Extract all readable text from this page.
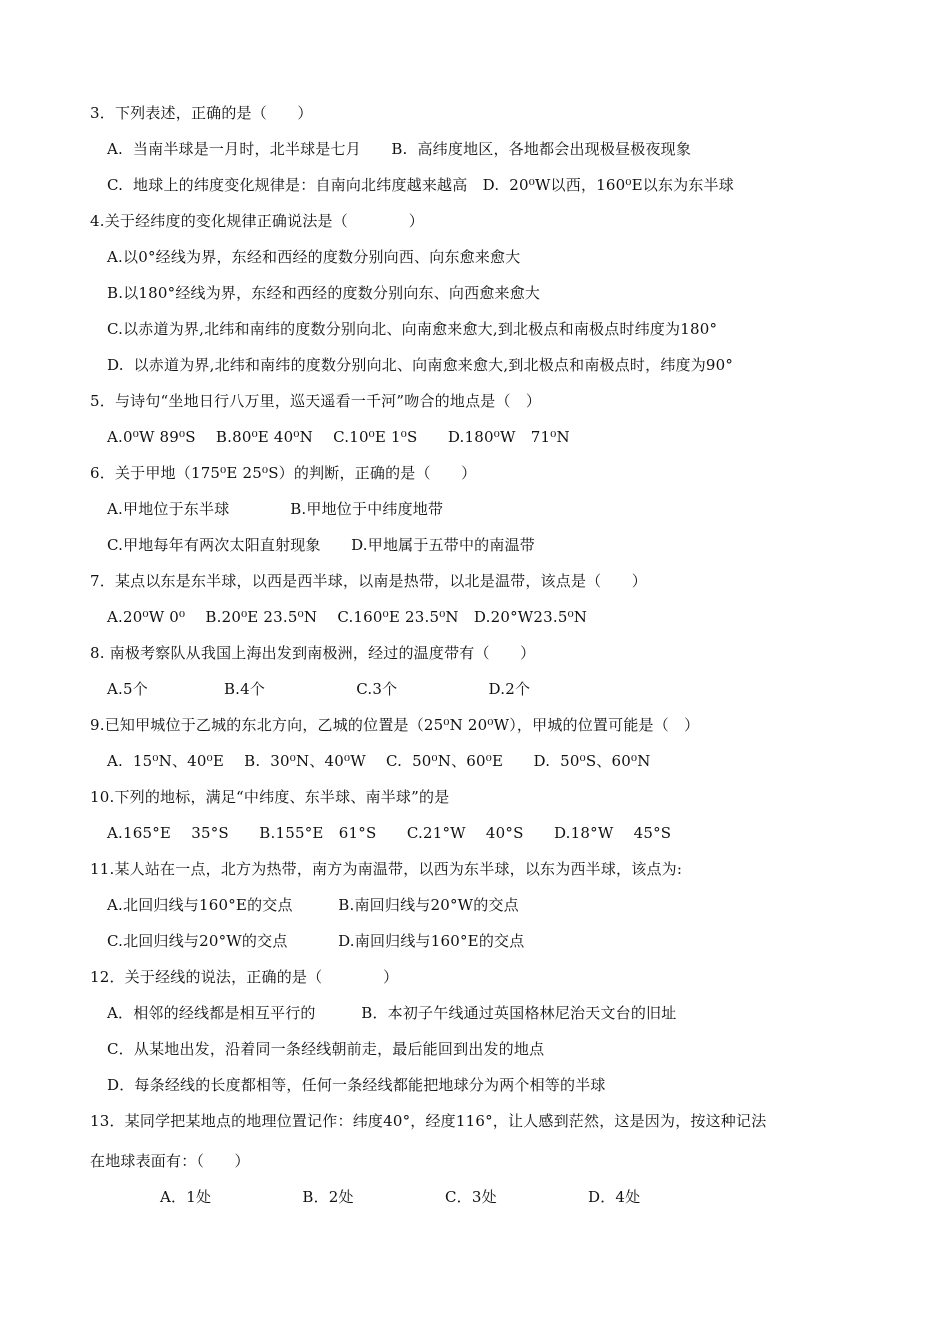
3．下列表述，正确的是（　　）
A.  当南半球是一月时，北半球是七月　　B.  高纬度地区，各地都会出现极昼极夜现象
C.  地球上的纬度变化规律是：自南向北纬度越来越高　D.  20⁰W以西，160⁰E以东为东半球
4.关于经纬度的变化规律正确说法是（　　　　）
A.以0°经线为界，东经和西经的度数分别向西、向东愈来愈大
B.以180°经线为界，东经和西经的度数分别向东、向西愈来愈大
C.以赤道为界,北纬和南纬的度数分别向北、向南愈来愈大,到北极点和南极点时纬度为180°
D.  以赤道为界,北纬和南纬的度数分别向北、向南愈来愈大,到北极点和南极点时，纬度为90°
5．与诗句“坐地日行八万里，巡天遥看一千河”吻合的地点是（　）
A.0⁰W 89⁰S　 B.80⁰E 40⁰N　 C.10⁰E 1⁰S　　D.180⁰W　71⁰N
6．关于甲地（175⁰E 25⁰S）的判断，正确的是（　　）
A.甲地位于东半球　　　　B.甲地位于中纬度地带
C.甲地每年有两次太阳直射现象　　D.甲地属于五带中的南温带
7．某点以东是东半球，以西是西半球，以南是热带，以北是温带，该点是（　　）
A.20⁰W 0⁰　 B.20⁰E 23.5⁰N　 C.160⁰E 23.5⁰N　D.20°W23.5⁰N
8. 南极考察队从我国上海出发到南极洲，经过的温度带有（　　）
A.5个　　　　　B.4个　　　　　　C.3个　　　　　　D.2个
9.已知甲城位于乙城的东北方向，乙城的位置是（25⁰N 20⁰W），甲城的位置可能是（　）
A.  15⁰N、40⁰E　 B.  30⁰N、40⁰W　 C.  50⁰N、60⁰E　　D.  50⁰S、60⁰N
10.下列的地标，满足“中纬度、东半球、南半球”的是
A.165°E　 35°S　　B.155°E　61°S　　C.21°W　 40°S　　D.18°W　 45°S
11.某人站在一点，北方为热带，南方为南温带，以西为东半球，以东为西半球，该点为:
A.北回归线与160°E的交点　　　B.南回归线与20°W的交点
C.北回归线与20°W的交点　　　 D.南回归线与160°E的交点
12．关于经线的说法，正确的是（　　　　）
A．相邻的经线都是相互平行的　　　B．本初子午线通过英国格林尼治天文台的旧址
C．从某地出发，沿着同一条经线朝前走，最后能回到出发的地点
D．每条经线的长度都相等，任何一条经线都能把地球分为两个相等的半球
13．某同学把某地点的地理位置记作：纬度40°，经度116°，让人感到茫然，这是因为，按这种记法
在地球表面有：（　　）
A．1处　　　　　　B．2处　　　　　　C．3处　　　　　　D．4处
